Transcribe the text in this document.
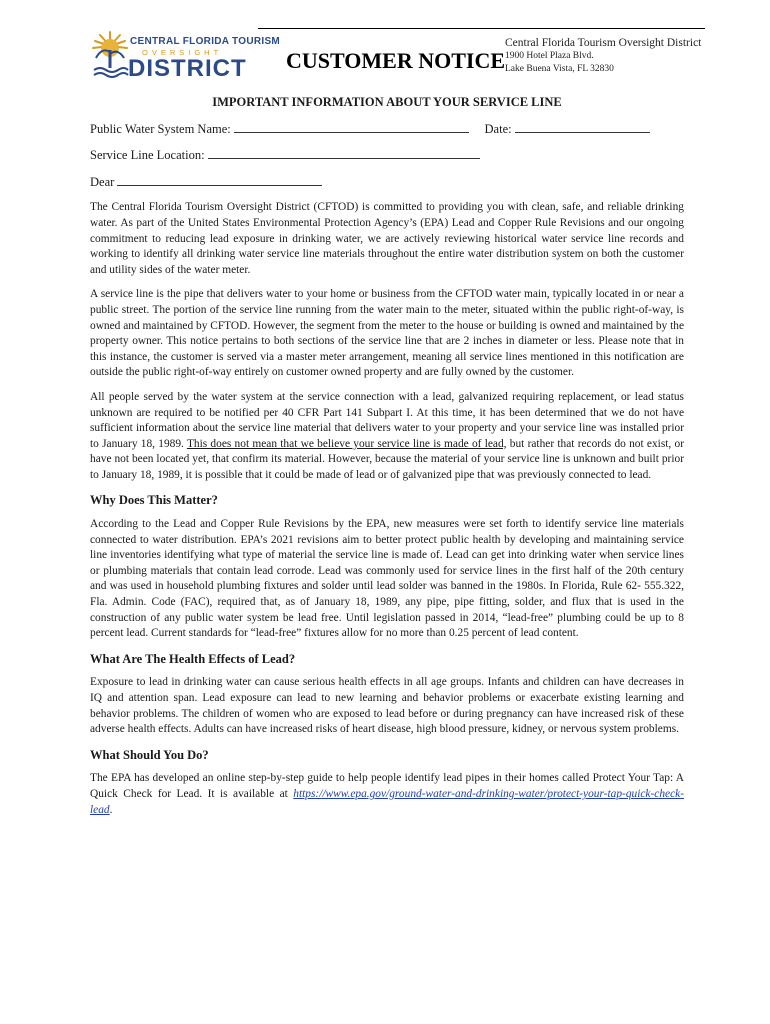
CENTRAL FLORIDA TOURISM
OVERSIGHT
DISTRICT CUSTOMER NOTICE
Central Florida Tourism Oversight District
1900 Hotel Plaza Blvd.
Lake Buena Vista, FL 32830
IMPORTANT INFORMATION ABOUT YOUR SERVICE LINE
Public Water System Name:	Date:
Service Line Location:
Dear

The Central Florida Tourism Oversight District (CFTOD) is committed to providing you with clean, safe, and reliable drinking water. As part of the United States Environmental Protection Agency’s (EPA) Lead and Copper Rule Revisions and our ongoing commitment to reducing lead exposure in drinking water, we are actively reviewing historical water service line records and working to identify all drinking water service line materials throughout the entire water distribution system on both the customer and utility sides of the water meter.

A service line is the pipe that delivers water to your home or business from the CFTOD water main, typically located in or near a public street. The portion of the service line running from the water main to the meter, situated within the public right-of-way, is owned and maintained by CFTOD. However, the segment from the meter to the house or building is owned and maintained by the property owner. This notice pertains to both sections of the service line that are 2 inches in diameter or less. Please note that in this instance, the customer is served via a master meter arrangement, meaning all service lines mentioned in this notification are outside the public right-of-way entirely on customer owned property and are fully owned by the customer.

All people served by the water system at the service connection with a lead, galvanized requiring replacement, or lead status unknown are required to be notified per 40 CFR Part 141 Subpart I. At this time, it has been determined that we do not have sufficient information about the service line material that delivers water to your property and your service line was installed prior to January 18, 1989. This does not mean that we believe your service line is made of lead, but rather that records do not exist, or have not been located yet, that confirm its material. However, because the material of your service line is unknown and built prior to January 18, 1989, it is possible that it could be made of lead or of galvanized pipe that was previously connected to lead.

Why Does This Matter?

According to the Lead and Copper Rule Revisions by the EPA, new measures were set forth to identify service line materials connected to water distribution. EPA’s 2021 revisions aim to better protect public health by developing and maintaining service line inventories identifying what type of material the service line is made of. Lead can get into drinking water when service lines or plumbing materials that contain lead corrode. Lead was commonly used for service lines in the first half of the 20th century and was used in household plumbing fixtures and solder until lead solder was banned in the 1980s. In Florida, Rule 62- 555.322, Fla. Admin. Code (FAC), required that, as of January 18, 1989, any pipe, pipe fitting, solder, and flux that is used in the construction of any public water system be lead free. Until legislation passed in 2014, “lead-free” plumbing could be up to 8 percent lead. Current standards for “lead-free” fixtures allow for no more than 0.25 percent of lead content.

What Are The Health Effects of Lead?

Exposure to lead in drinking water can cause serious health effects in all age groups. Infants and children can have decreases in IQ and attention span. Lead exposure can lead to new learning and behavior problems or exacerbate existing learning and behavior problems. The children of women who are exposed to lead before or during pregnancy can have increased risk of these adverse health effects. Adults can have increased risks of heart disease, high blood pressure, kidney, or nervous system problems.

What Should You Do?

The EPA has developed an online step-by-step guide to help people identify lead pipes in their homes called Protect Your Tap: A Quick Check for Lead. It is available at https://www.epa.gov/ground-water-and-drinking-water/protect-your-tap-quick-check-lead.
